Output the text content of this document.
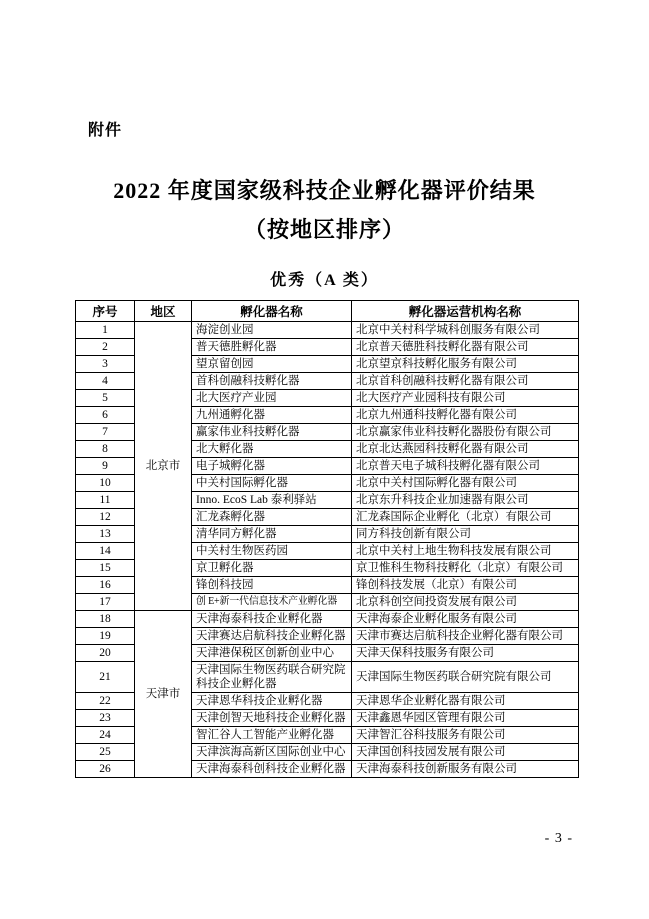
附件
2022 年度国家级科技企业孵化器评价结果
（按地区排序）
优秀（A 类）
序号	地区	孵化器名称	孵化器运营机构名称
1	北京市	海淀创业园	北京中关村科学城科创服务有限公司
2		普天德胜孵化器	北京普天德胜科技孵化器有限公司
3		望京留创园	北京望京科技孵化服务有限公司
4		首科创融科技孵化器	北京首科创融科技孵化器有限公司
5		北大医疗产业园	北大医疗产业园科技有限公司
6		九州通孵化器	北京九州通科技孵化器有限公司
7		赢家伟业科技孵化器	北京赢家伟业科技孵化器股份有限公司
8		北大孵化器	北京北达燕园科技孵化器有限公司
9		电子城孵化器	北京普天电子城科技孵化器有限公司
10		中关村国际孵化器	北京中关村国际孵化器有限公司
11		Inno. EcoS Lab 泰利驿站	北京东升科技企业加速器有限公司
12		汇龙森孵化器	汇龙森国际企业孵化（北京）有限公司
13		清华同方孵化器	同方科技创新有限公司
14		中关村生物医药园	北京中关村上地生物科技发展有限公司
15		京卫孵化器	京卫惟科生物科技孵化（北京）有限公司
16		锋创科技园	锋创科技发展（北京）有限公司
17		创 E+新一代信息技术产业孵化器	北京科创空间投资发展有限公司
18	天津市	天津海泰科技企业孵化器	天津海泰企业孵化服务有限公司
19		天津赛达启航科技企业孵化器	天津市赛达启航科技企业孵化器有限公司
20		天津港保税区创新创业中心	天津天保科技服务有限公司
21		天津国际生物医药联合研究院科技企业孵化器	天津国际生物医药联合研究院有限公司
22		天津恩华科技企业孵化器	天津恩华企业孵化器有限公司
23		天津创智天地科技企业孵化器	天津鑫恩华园区管理有限公司
24		智汇谷人工智能产业孵化器	天津智汇谷科技服务有限公司
25		天津滨海高新区国际创业中心	天津国创科技园发展有限公司
26		天津海泰科创科技企业孵化器	天津海泰科技创新服务有限公司
- 3 -
